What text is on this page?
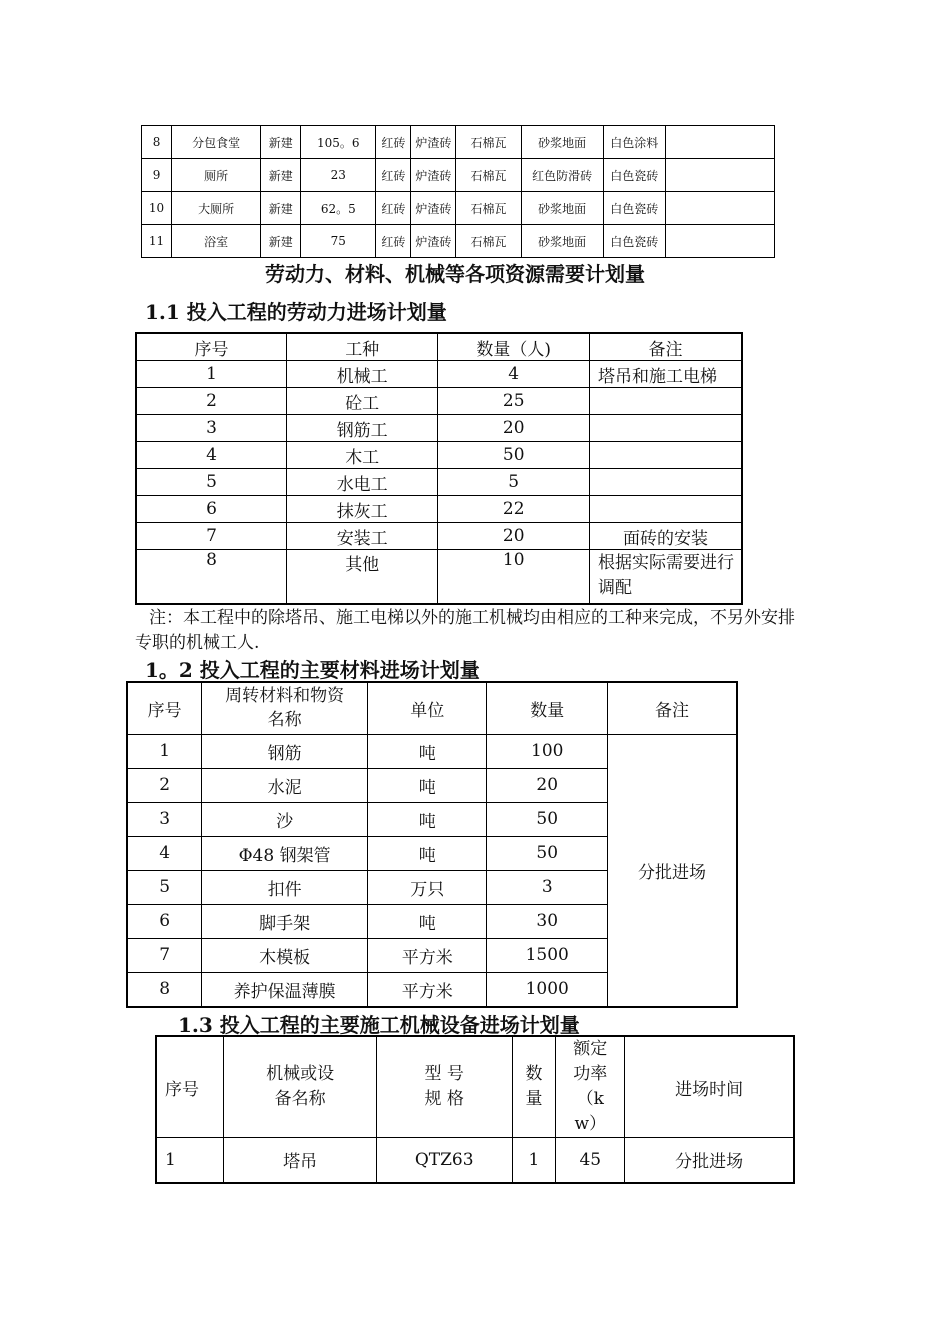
8	分包食堂	新建	105。6	红砖	炉渣砖	石棉瓦	砂浆地面	白色涂料	
9	厕所	新建	23	红砖	炉渣砖	石棉瓦	红色防滑砖	白色瓷砖	
10	大厕所	新建	62。5	红砖	炉渣砖	石棉瓦	砂浆地面	白色瓷砖	
11	浴室	新建	75	红砖	炉渣砖	石棉瓦	砂浆地面	白色瓷砖	
劳动力、材料、机械等各项资源需要计划量
1.1 投入工程的劳动力进场计划量
序号	工种	数量（人)	备注
1	机械工	4	塔吊和施工电梯
2	砼工	25	
3	钢筋工	20	
4	木工	50	
5	水电工	5	
6	抹灰工	22	
7	安装工	20	面砖的安装
8	其他	10	根据实际需要进行调配
注：本工程中的除塔吊、施工电梯以外的施工机械均由相应的工种来完成，不另外安排专职的机械工人.
1。2 投入工程的主要材料进场计划量
序号	周转材料和物资名称	单位	数量	备注
1	钢筋	吨	100	分批进场
2	水泥	吨	20	
3	沙	吨	50	
4	Φ48 钢架管	吨	50	
5	扣件	万只	3	
6	脚手架	吨	30	
7	木模板	平方米	1500	
8	养护保温薄膜	平方米	1000	
1.3 投入工程的主要施工机械设备进场计划量
序号	机械或设备名称	型 号规 格	数量	额定功率（kw）	进场时间
1	塔吊	QTZ63	1	45	分批进场
